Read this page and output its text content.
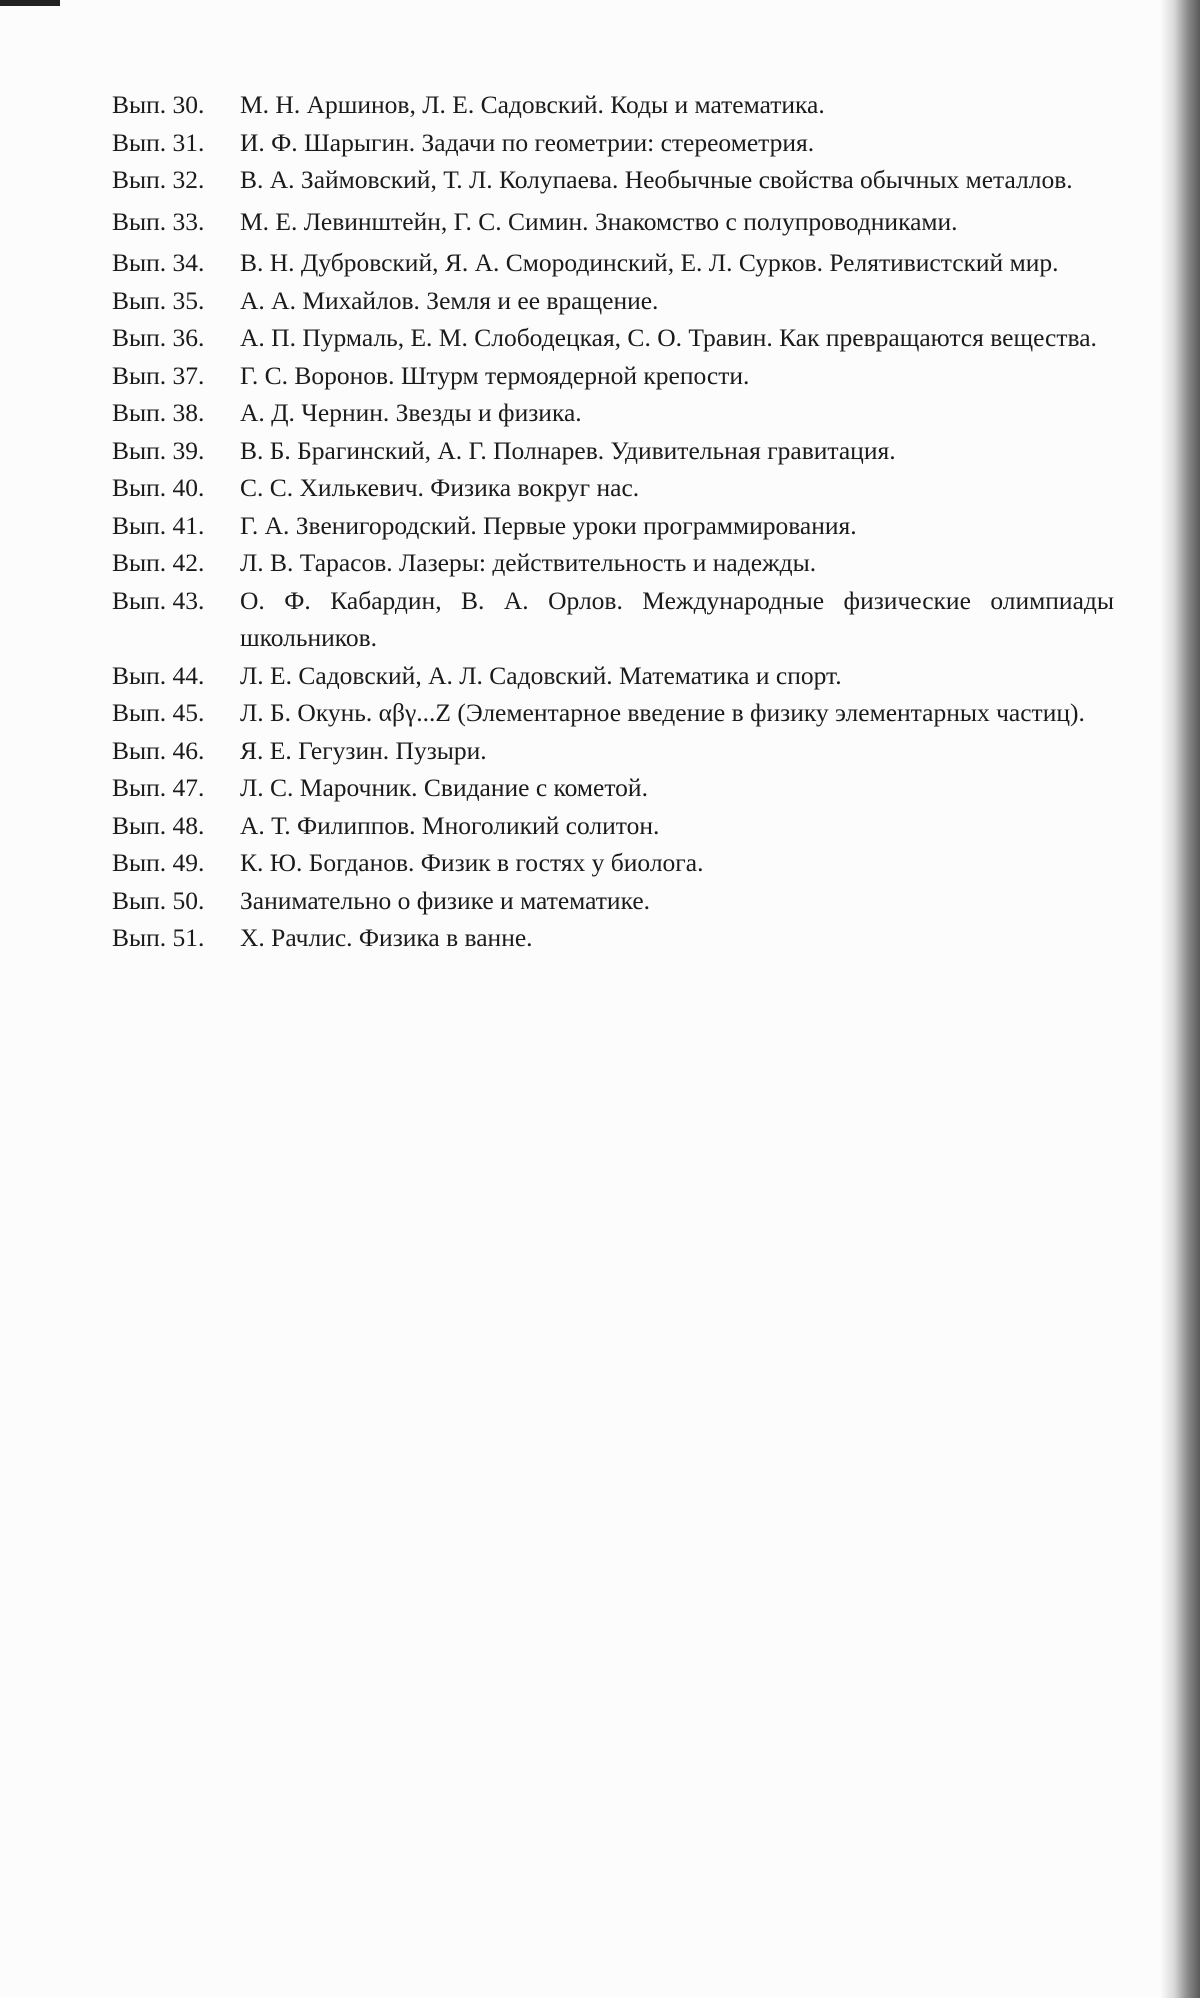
Вып. 30.	М. Н. Аршинов, Л. Е. Садовский. Коды и математика.
Вып. 31.	И. Ф. Шарыгин. Задачи по геометрии: стереометрия.
Вып. 32.	В. А. Займовский, Т. Л. Колупаева. Необычные свойства обычных металлов.
Вып. 33.	М. Е. Левинштейн, Г. С. Симин. Знакомство с полупроводниками.
Вып. 34.	В. Н. Дубровский, Я. А. Смородинский, Е. Л. Сурков. Релятивистский мир.
Вып. 35.	А. А. Михайлов. Земля и ее вращение.
Вып. 36.	А. П. Пурмаль, Е. М. Слободецкая, С. О. Травин. Как превращаются вещества.
Вып. 37.	Г. С. Воронов. Штурм термоядерной крепости.
Вып. 38.	А. Д. Чернин. Звезды и физика.
Вып. 39.	В. Б. Брагинский, А. Г. Полнарев. Удивительная гравитация.
Вып. 40.	С. С. Хилькевич. Физика вокруг нас.
Вып. 41.	Г. А. Звенигородский. Первые уроки программирования.
Вып. 42.	Л. В. Тарасов. Лазеры: действительность и надежды.
Вып. 43.	О. Ф. Кабардин, В. А. Орлов. Международные физические олимпиады школьников.
Вып. 44.	Л. Е. Садовский, А. Л. Садовский. Математика и спорт.
Вып. 45.	Л. Б. Окунь. αβγ...Z (Элементарное введение в физику элементарных частиц).
Вып. 46.	Я. Е. Гегузин. Пузыри.
Вып. 47.	Л. С. Марочник. Свидание с кометой.
Вып. 48.	А. Т. Филиппов. Многоликий солитон.
Вып. 49.	К. Ю. Богданов. Физик в гостях у биолога.
Вып. 50.	Занимательно о физике и математике.
Вып. 51.	Х. Рачлис. Физика в ванне.
